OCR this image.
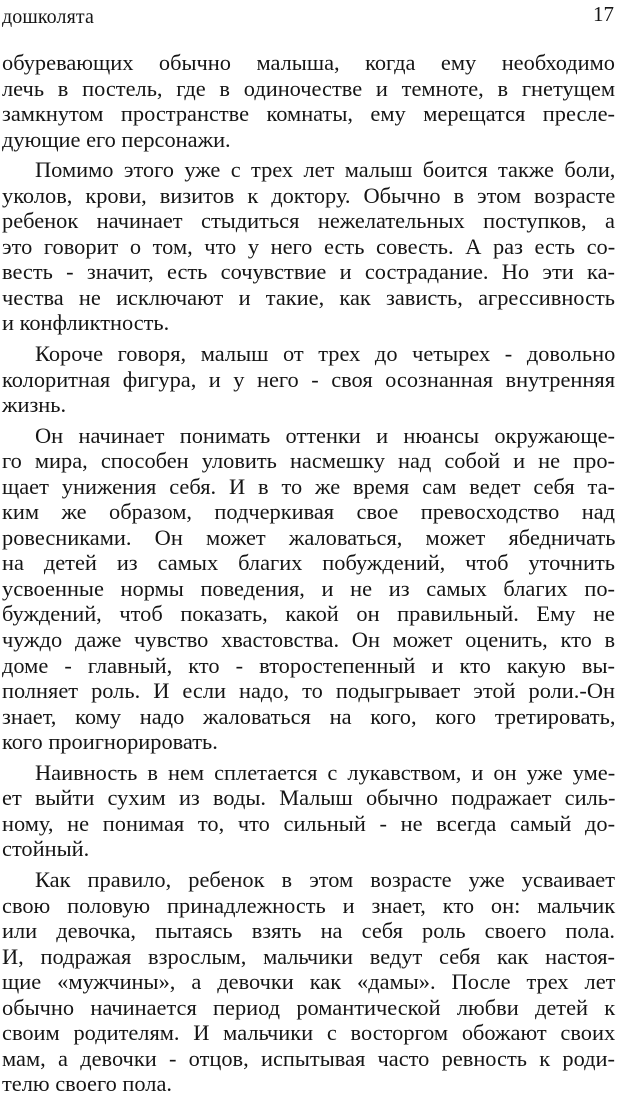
дошколята	17

обуревающих обычно малыша, когда ему необходимо
лечь в постель, где в одиночестве и темноте, в гнетущем
замкнутом пространстве комнаты, ему мерещатся пресле-
дующие его персонажи.

Помимо этого уже с трех лет малыш боится также боли,
уколов, крови, визитов к доктору. Обычно в этом возрасте
ребенок начинает стыдиться нежелательных поступков, а
это говорит о том, что у него есть совесть. А раз есть со-
весть - значит, есть сочувствие и сострадание. Но эти ка-
чества не исключают и такие, как зависть, агрессивность
и конфликтность.

Короче говоря, малыш от трех до четырех - довольно
колоритная фигура, и у него - своя осознанная внутренняя
жизнь.

Он начинает понимать оттенки и нюансы окружающе-
го мира, способен уловить насмешку над собой и не про-
щает унижения себя. И в то же время сам ведет себя та-
ким же образом, подчеркивая свое превосходство над
ровесниками. Он может жаловаться, может ябедничать
на детей из самых благих побуждений, чтоб уточнить
усвоенные нормы поведения, и не из самых благих по-
буждений, чтоб показать, какой он правильный. Ему не
чуждо даже чувство хвастовства. Он может оценить, кто в
доме - главный, кто - второстепенный и кто какую вы-
полняет роль. И если надо, то подыгрывает этой роли.-Он
знает, кому надо жаловаться на кого, кого третировать,
кого проигнорировать.

Наивность в нем сплетается с лукавством, и он уже уме-
ет выйти сухим из воды. Малыш обычно подражает силь-
ному, не понимая то, что сильный - не всегда самый до-
стойный.

Как правило, ребенок в этом возрасте уже усваивает
свою половую принадлежность и знает, кто он: мальчик
или девочка, пытаясь взять на себя роль своего пола.
И, подражая взрослым, мальчики ведут себя как настоя-
щие «мужчины», а девочки как «дамы». После трех лет
обычно начинается период романтической любви детей к
своим родителям. И мальчики с восторгом обожают своих
мам, а девочки - отцов, испытывая часто ревность к роди-
телю своего пола.
